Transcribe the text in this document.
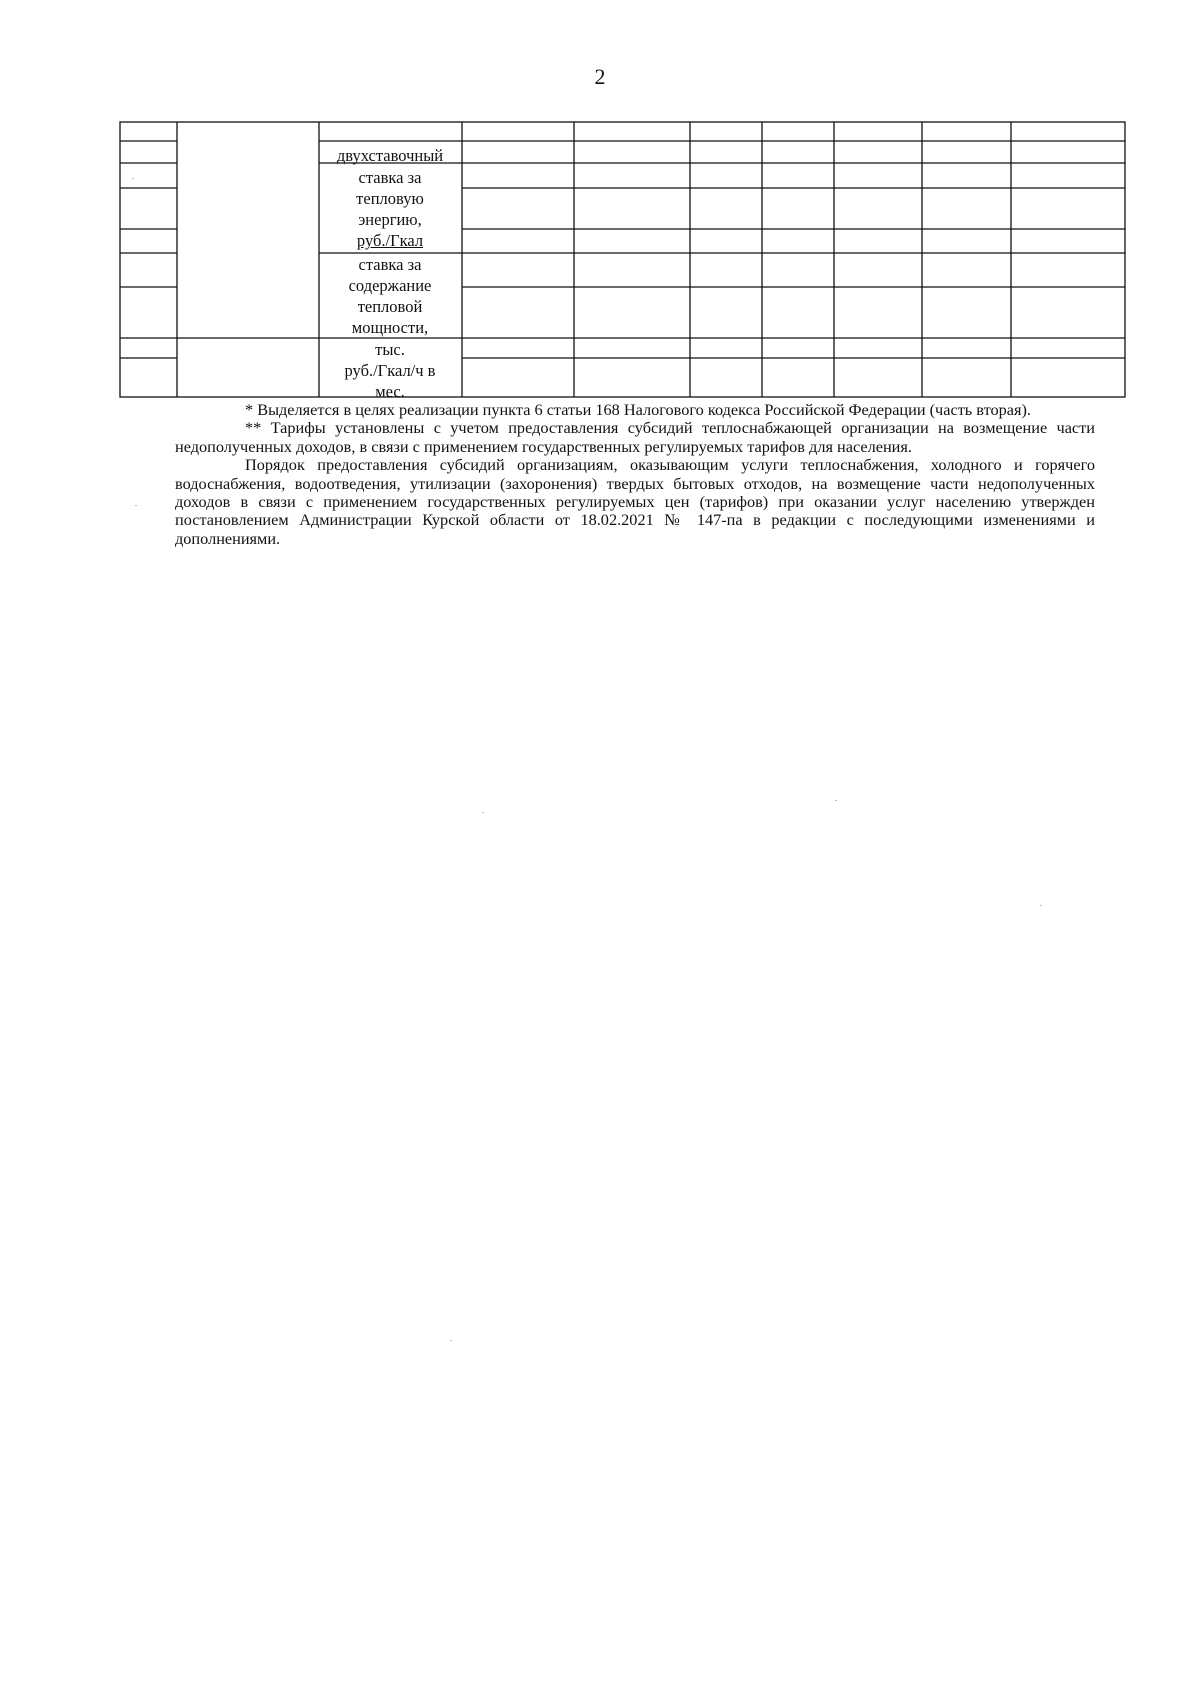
2
двухставочный
ставка за
тепловую
энергию,
руб./Гкал
ставка за
содержание
тепловой
мощности,
тыс.
руб./Гкал/ч в
мес.

* Выделяется в целях реализации пункта 6 статьи 168 Налогового кодекса Российской Федерации (часть вторая).

** Тарифы установлены с учетом предоставления субсидий теплоснабжающей организации на возмещение части недополученных доходов, в связи с применением государственных регулируемых тарифов для населения.

Порядок предоставления субсидий организациям, оказывающим услуги теплоснабжения, холодного и горячего водоснабжения, водоотведения, утилизации (захоронения) твердых бытовых отходов, на возмещение части недополученных доходов в связи с применением государственных регулируемых цен (тарифов) при оказании услуг населению утвержден постановлением Администрации Курской области от 18.02.2021 № 147-па в редакции с последующими изменениями и дополнениями.
